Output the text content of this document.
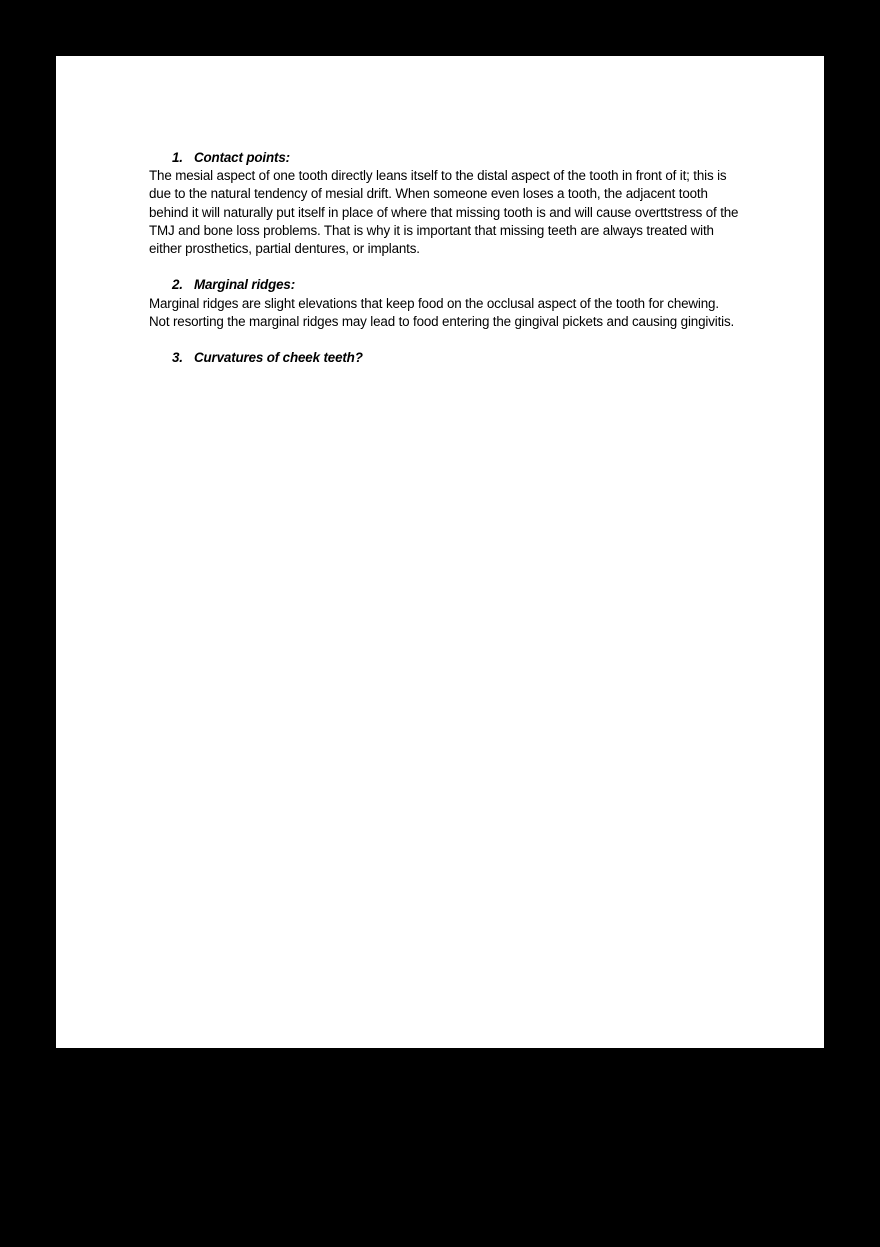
1. Contact points:

The mesial aspect of one tooth directly leans itself to the distal aspect of the tooth in front of it; this is due to the natural tendency of mesial drift. When someone even loses a tooth, the adjacent tooth behind it will naturally put itself in place of where that missing tooth is and will cause overttstress of the TMJ and bone loss problems. That is why it is important that missing teeth are always treated with either prosthetics, partial dentures, or implants.

2. Marginal ridges:

Marginal ridges are slight elevations that keep food on the occlusal aspect of the tooth for chewing. Not resorting the marginal ridges may lead to food entering the gingival pickets and causing gingivitis.

3. Curvatures of cheek teeth?
